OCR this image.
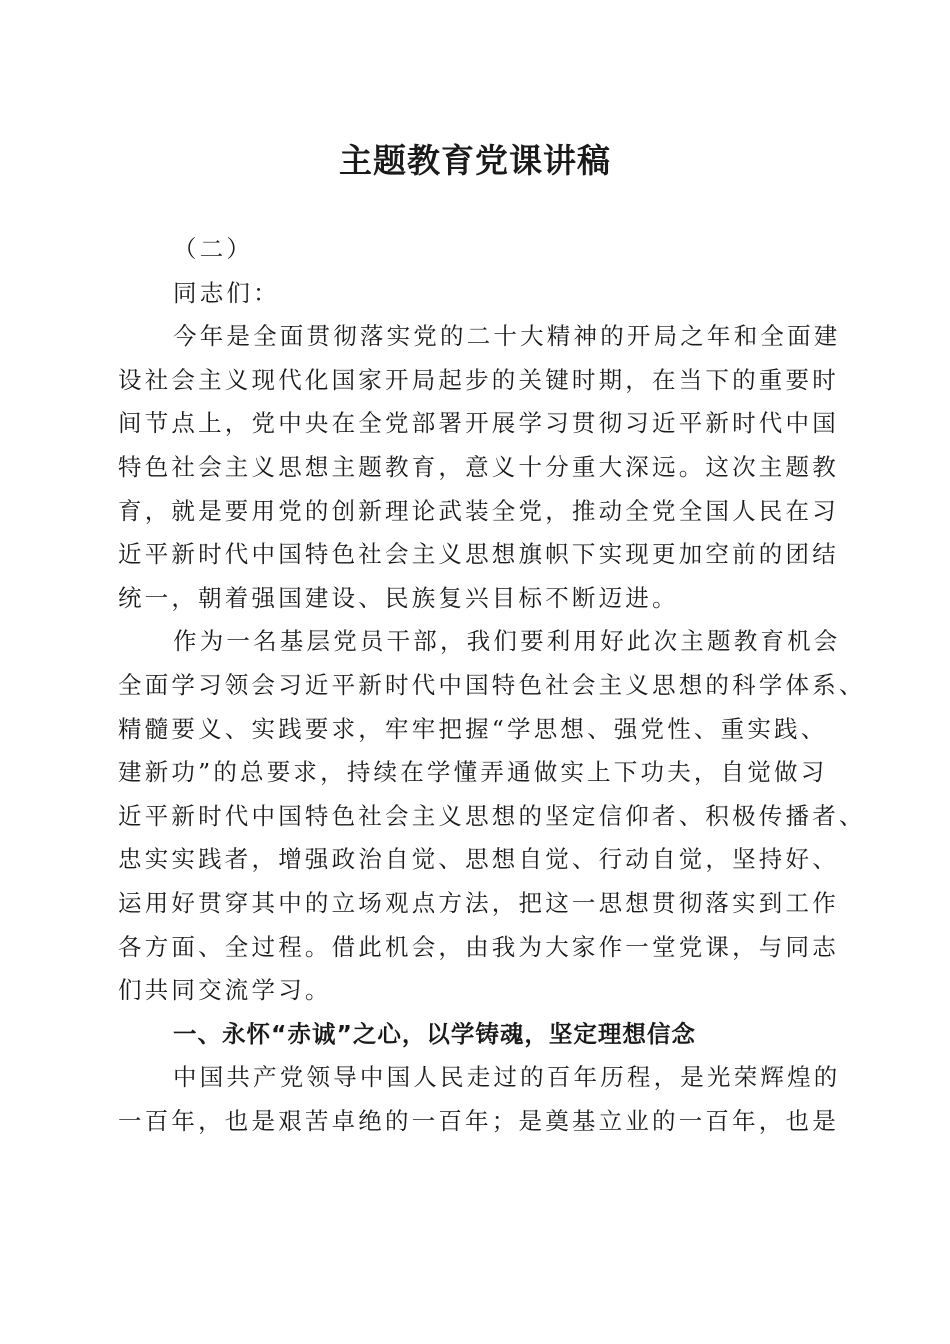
主题教育党课讲稿
（二）
同志们：
今年是全面贯彻落实党的二十大精神的开局之年和全面建
设社会主义现代化国家开局起步的关键时期，在当下的重要时
间节点上，党中央在全党部署开展学习贯彻习近平新时代中国
特色社会主义思想主题教育，意义十分重大深远。这次主题教
育，就是要用党的创新理论武装全党，推动全党全国人民在习
近平新时代中国特色社会主义思想旗帜下实现更加空前的团结
统一，朝着强国建设、民族复兴目标不断迈进。
作为一名基层党员干部，我们要利用好此次主题教育机会
全面学习领会习近平新时代中国特色社会主义思想的科学体系、
精髓要义、实践要求，牢牢把握“学思想、强党性、重实践、
建新功”的总要求，持续在学懂弄通做实上下功夫，自觉做习
近平新时代中国特色社会主义思想的坚定信仰者、积极传播者、
忠实实践者，增强政治自觉、思想自觉、行动自觉，坚持好、
运用好贯穿其中的立场观点方法，把这一思想贯彻落实到工作
各方面、全过程。借此机会，由我为大家作一堂党课，与同志
们共同交流学习。
一、永怀“赤诚”之心，以学铸魂，坚定理想信念
中国共产党领导中国人民走过的百年历程，是光荣辉煌的
一百年，也是艰苦卓绝的一百年；是奠基立业的一百年，也是
